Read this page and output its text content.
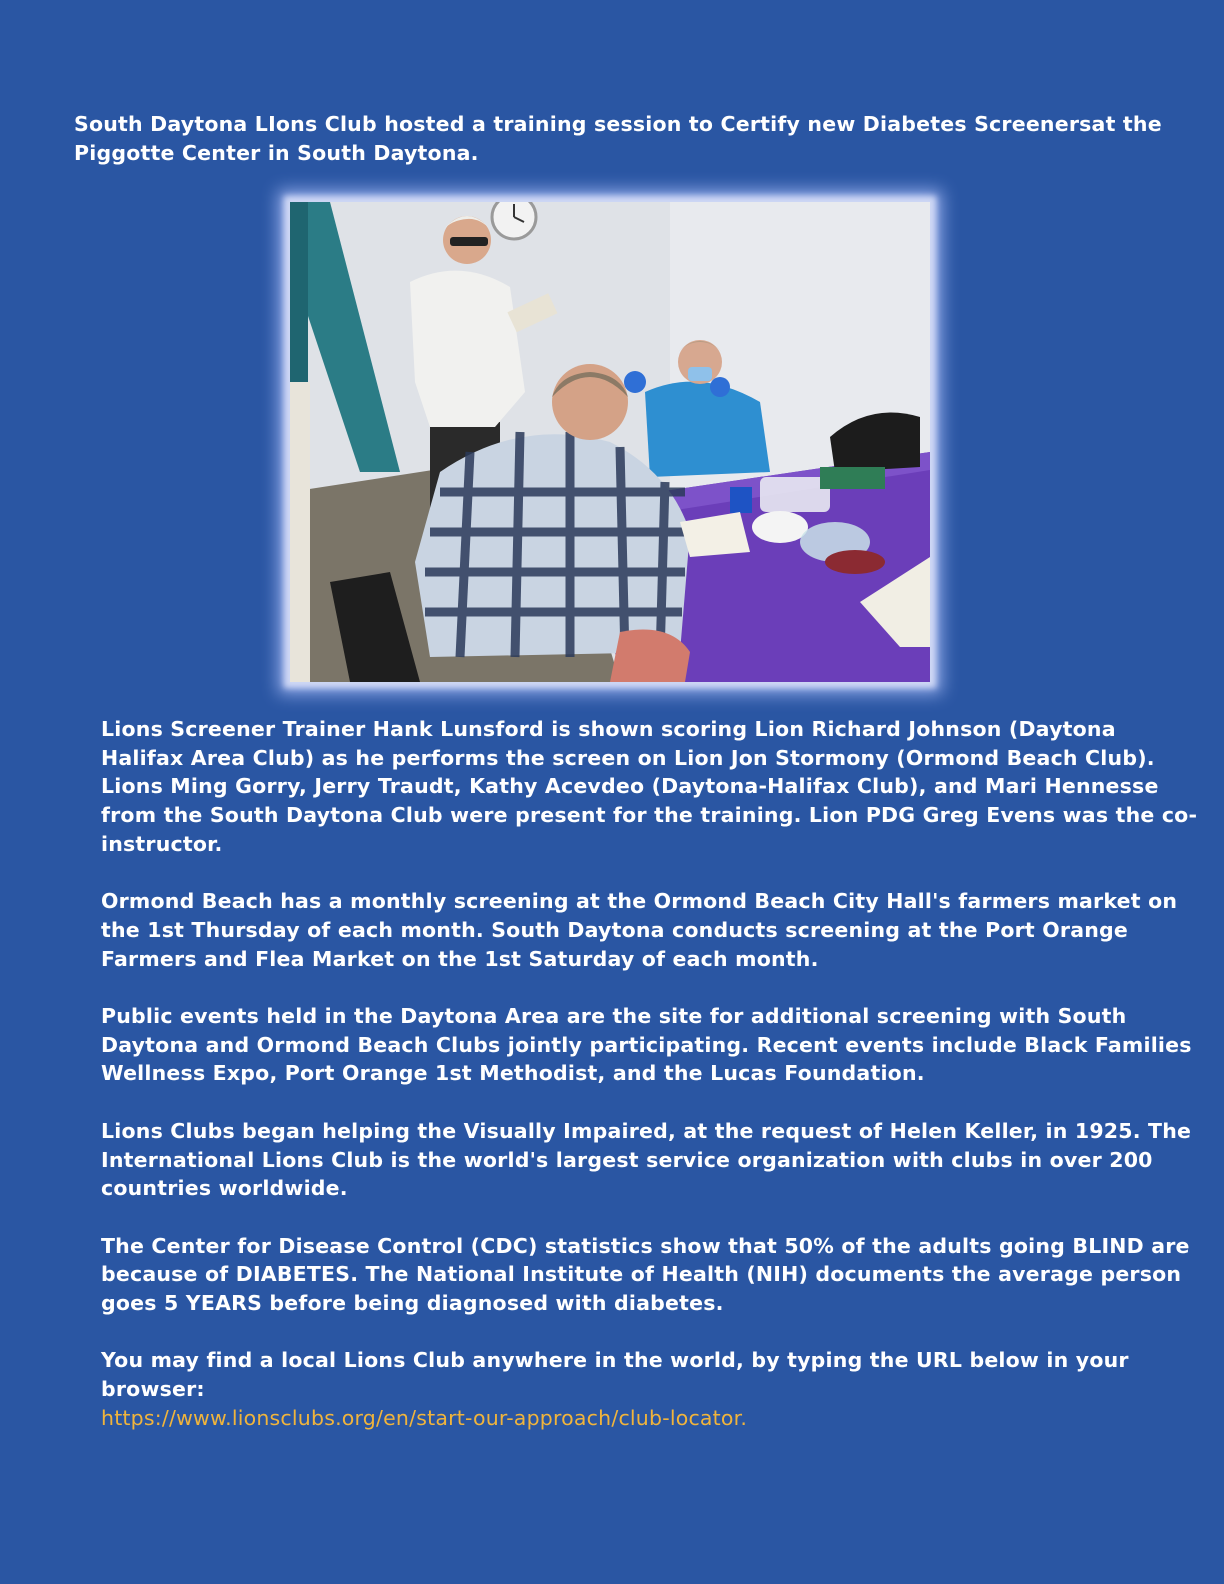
South Daytona LIons Club hosted a training session to Certify new Diabetes Screenersat the Piggotte Center in South Daytona.

Lions Screener Trainer Hank Lunsford is shown scoring Lion Richard Johnson (Daytona Halifax Area Club) as he performs the screen on Lion Jon Stormony (Ormond Beach Club). Lions Ming Gorry, Jerry Traudt, Kathy Acevdeo (Daytona-Halifax Club), and Mari Hennesse from the South Daytona Club were present for the training. Lion PDG Greg Evens was the co-instructor.

Ormond Beach has a monthly screening at the Ormond Beach City Hall's farmers market on the 1st Thursday of each month. South Daytona conducts screening at the Port Orange Farmers and Flea Market on the 1st Saturday of each month.

Public events held in the Daytona Area are the site for additional screening with South Daytona and Ormond Beach Clubs jointly participating. Recent events include Black Families Wellness Expo, Port Orange 1st Methodist, and the Lucas Foundation.

Lions Clubs began helping the Visually Impaired, at the request of Helen Keller, in 1925. The International Lions Club is the world's largest service organization with clubs in over 200 countries worldwide.

The Center for Disease Control (CDC) statistics show that 50% of the adults going BLIND are because of DIABETES. The National Institute of Health (NIH) documents the average person goes 5 YEARS before being diagnosed with diabetes.

You may find a local Lions Club anywhere in the world, by typing the URL below in your browser:
https://www.lionsclubs.org/en/start-our-approach/club-locator.
